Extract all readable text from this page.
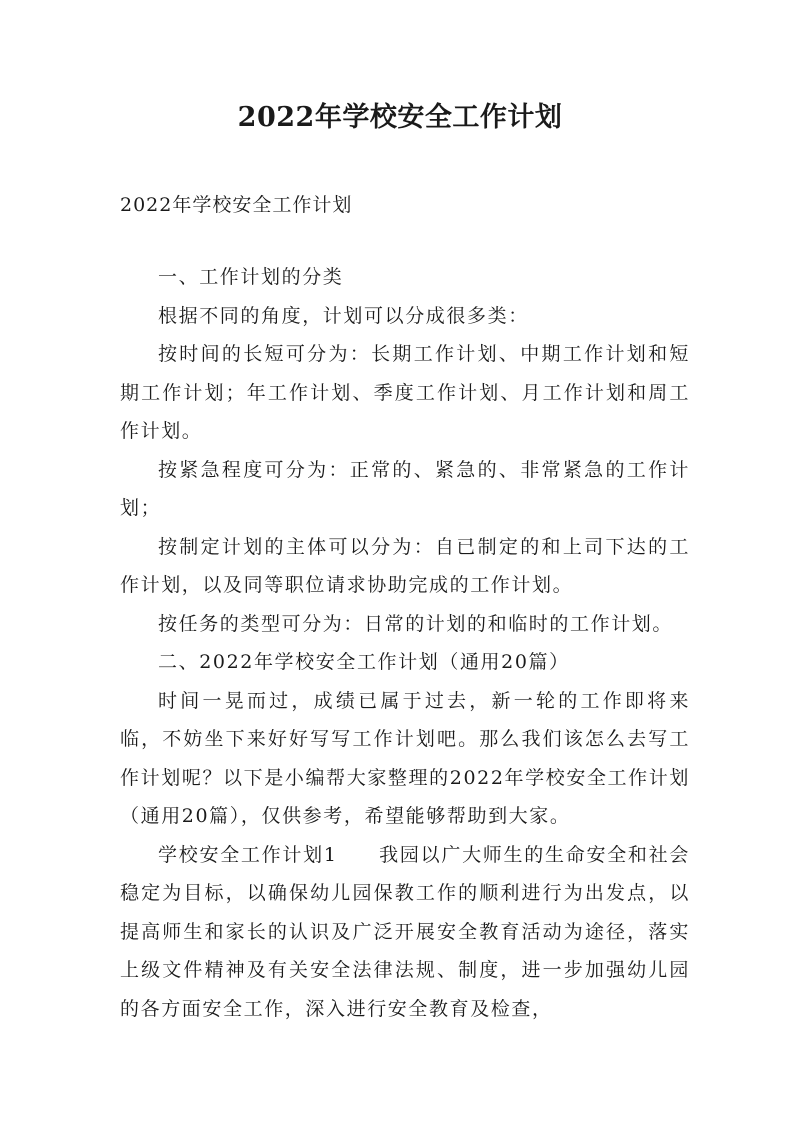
2022年学校安全工作计划
2022年学校安全工作计划

一、工作计划的分类

根据不同的角度，计划可以分成很多类：

按时间的长短可分为：长期工作计划、中期工作计划和短期工作计划；年工作计划、季度工作计划、月工作计划和周工作计划。

按紧急程度可分为：正常的、紧急的、非常紧急的工作计划；

按制定计划的主体可以分为：自已制定的和上司下达的工作计划，以及同等职位请求协助完成的工作计划。

按任务的类型可分为：日常的计划的和临时的工作计划。

二、2022年学校安全工作计划（通用20篇）

时间一晃而过，成绩已属于过去，新一轮的工作即将来临，不妨坐下来好好写写工作计划吧。那么我们该怎么去写工作计划呢？以下是小编帮大家整理的2022年学校安全工作计划（通用20篇），仅供参考，希望能够帮助到大家。

学校安全工作计划1　　我园以广大师生的生命安全和社会稳定为目标，以确保幼儿园保教工作的顺利进行为出发点，以提高师生和家长的认识及广泛开展安全教育活动为途径，落实上级文件精神及有关安全法律法规、制度，进一步加强幼儿园的各方面安全工作，深入进行安全教育及检查，
